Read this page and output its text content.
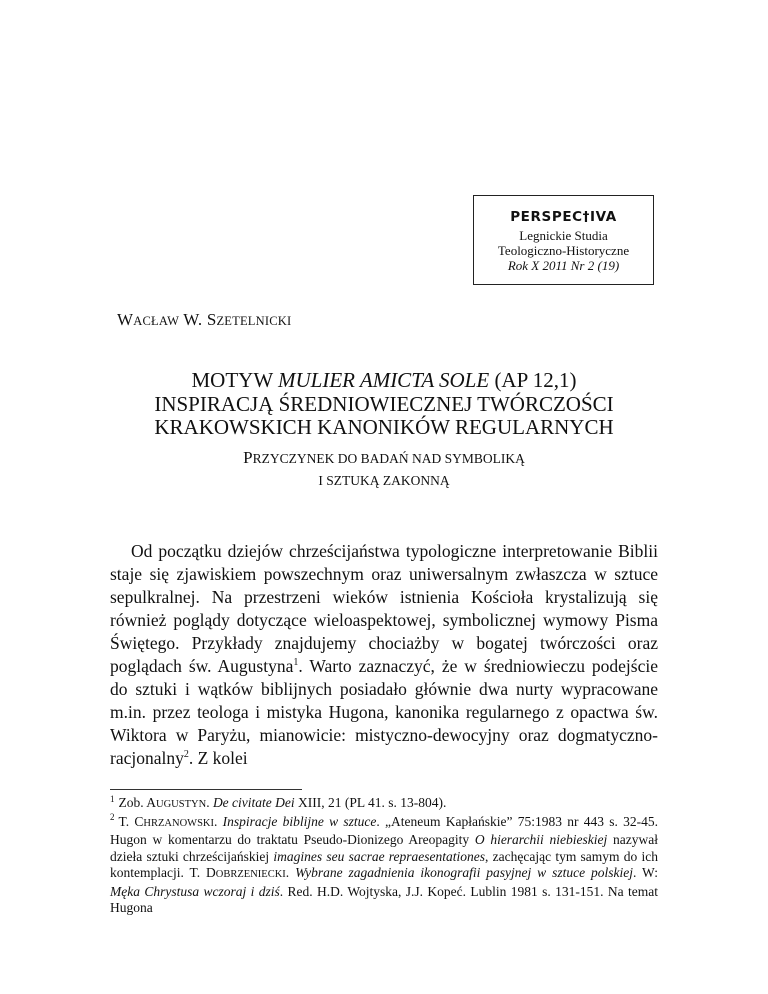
PERSPEC†IVA
Legnickie Studia
Teologiczno-Historyczne
Rok X 2011 Nr 2 (19)
WACŁAW W. SZETELNICKI
MOTYW MULIER AMICTA SOLE (AP 12,1)
INSPIRACJĄ ŚREDNIOWIECZNEJ TWÓRCZOŚCI
KRAKOWSKICH KANONIKÓW REGULARNYCH
PRZYCZYNEK DO BADAŃ NAD SYMBOLIKĄ
I SZTUKĄ ZAKONNĄ

Od początku dziejów chrześcijaństwa typologiczne interpretowanie Biblii staje się zjawiskiem powszechnym oraz uniwersalnym zwłaszcza w sztuce sepulkralnej. Na przestrzeni wieków istnienia Kościoła krystalizują się również poglądy dotyczące wieloaspektowej, symbolicznej wymowy Pisma Świętego. Przykłady znajdujemy chociażby w bogatej twórczości oraz poglądach św. Augustyna$^1$. Warto zaznaczyć, że w średniowieczu podejście do sztuki i wątków biblijnych posiadało głównie dwa nurty wypracowane m.in. przez teologa i mistyka Hugona, kanonika regularnego z opactwa św. Wiktora w Paryżu, mianowicie: mistyczno-dewocyjny oraz dogmatyczno-racjonalny$^2$. Z kolei

$^1$ Zob. AUGUSTYN. De civitate Dei XIII, 21 (PL 41. s. 13-804).

$^2$ T. CHRZANOWSKI. Inspiracje biblijne w sztuce. „Ateneum Kapłańskie” 75:1983 nr 443 s. 32-45. Hugon w komentarzu do traktatu Pseudo-Dionizego Areopagity O hierarchii niebieskiej nazywał dzieła sztuki chrześcijańskiej imagines seu sacrae repraesentationes, zachęcając tym samym do ich kontemplacji. T. DOBRZENIECKI. Wybrane zagadnienia ikonografii pasyjnej w sztuce polskiej. W: Męka Chrystusa wczoraj i dziś. Red. H.D. Wojtyska, J.J. Kopeć. Lublin 1981 s. 131-151. Na temat Hugona
